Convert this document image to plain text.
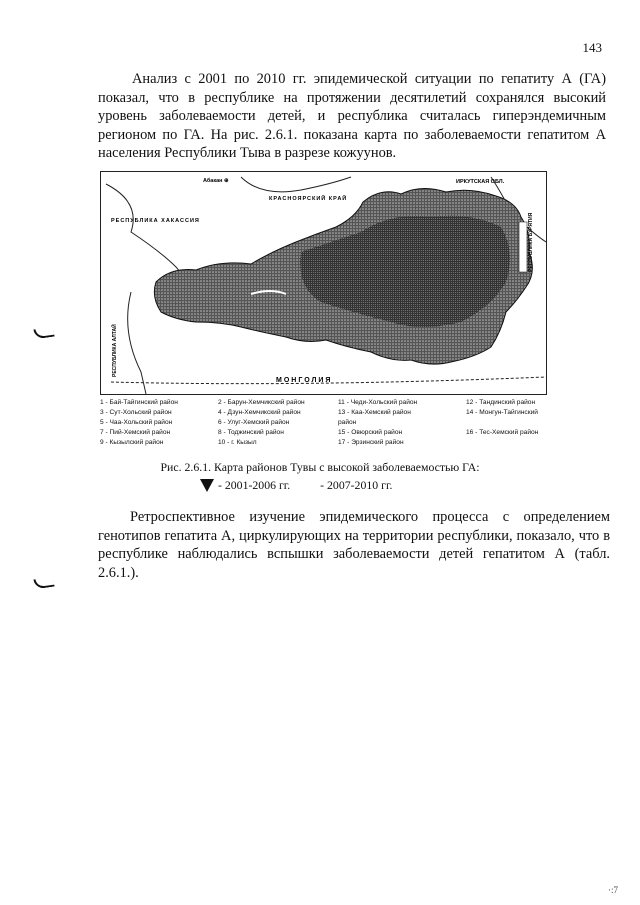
143

Анализ с 2001 по 2010 гг. эпидемической ситуации по гепатиту А (ГА) показал, что в республике на протяжении десятилетий сохранялся высокий уровень заболеваемости детей, и республика считалась гиперэндемичным регионом по ГА. На рис. 2.6.1. показана карта по заболеваемости гепатитом А населения Республики Тыва в разрезе кожуунов.

Абакан ⊕
КРАСНОЯРСКИЙ КРАЙ
ИРКУТСКАЯ ОБЛ.
РЕСПУБЛИКА ХАКАССИЯ	РЕСПУБЛИКА БУРЯТИЯ
РЕСПУБЛИКА АЛТАЙ
МОНГОЛИЯ
1 - Бай-Тайгинский район
3 - Сут-Хольский район
5 - Чаа-Хольский район
7 - Пий-Хемский район
9 - Кызылский район
2 - Барун-Хемчикский район
4 - Дзун-Хемчикский район
6 - Улуг-Хемский район
8 - Тоджинский район
10 - г. Кызыл
11 - Чеди-Хольский район
13 - Каа-Хемский район
район
15 - Овюрский район
17 - Эрзинский район
12 - Тандинский район
14 - Монгун-Тайгинский

16 - Тес-Хемский район
Рис. 2.6.1. Карта районов Тувы с высокой заболеваемостью ГА:
- 2001-2006 гг.	- 2007-2010 гг.

Ретроспективное изучение эпидемического процесса с определением генотипов гепатита А, циркулирующих на территории республики, показало, что в республике наблюдались вспышки заболеваемости детей гепатитом А (табл. 2.6.1.).

·:7
